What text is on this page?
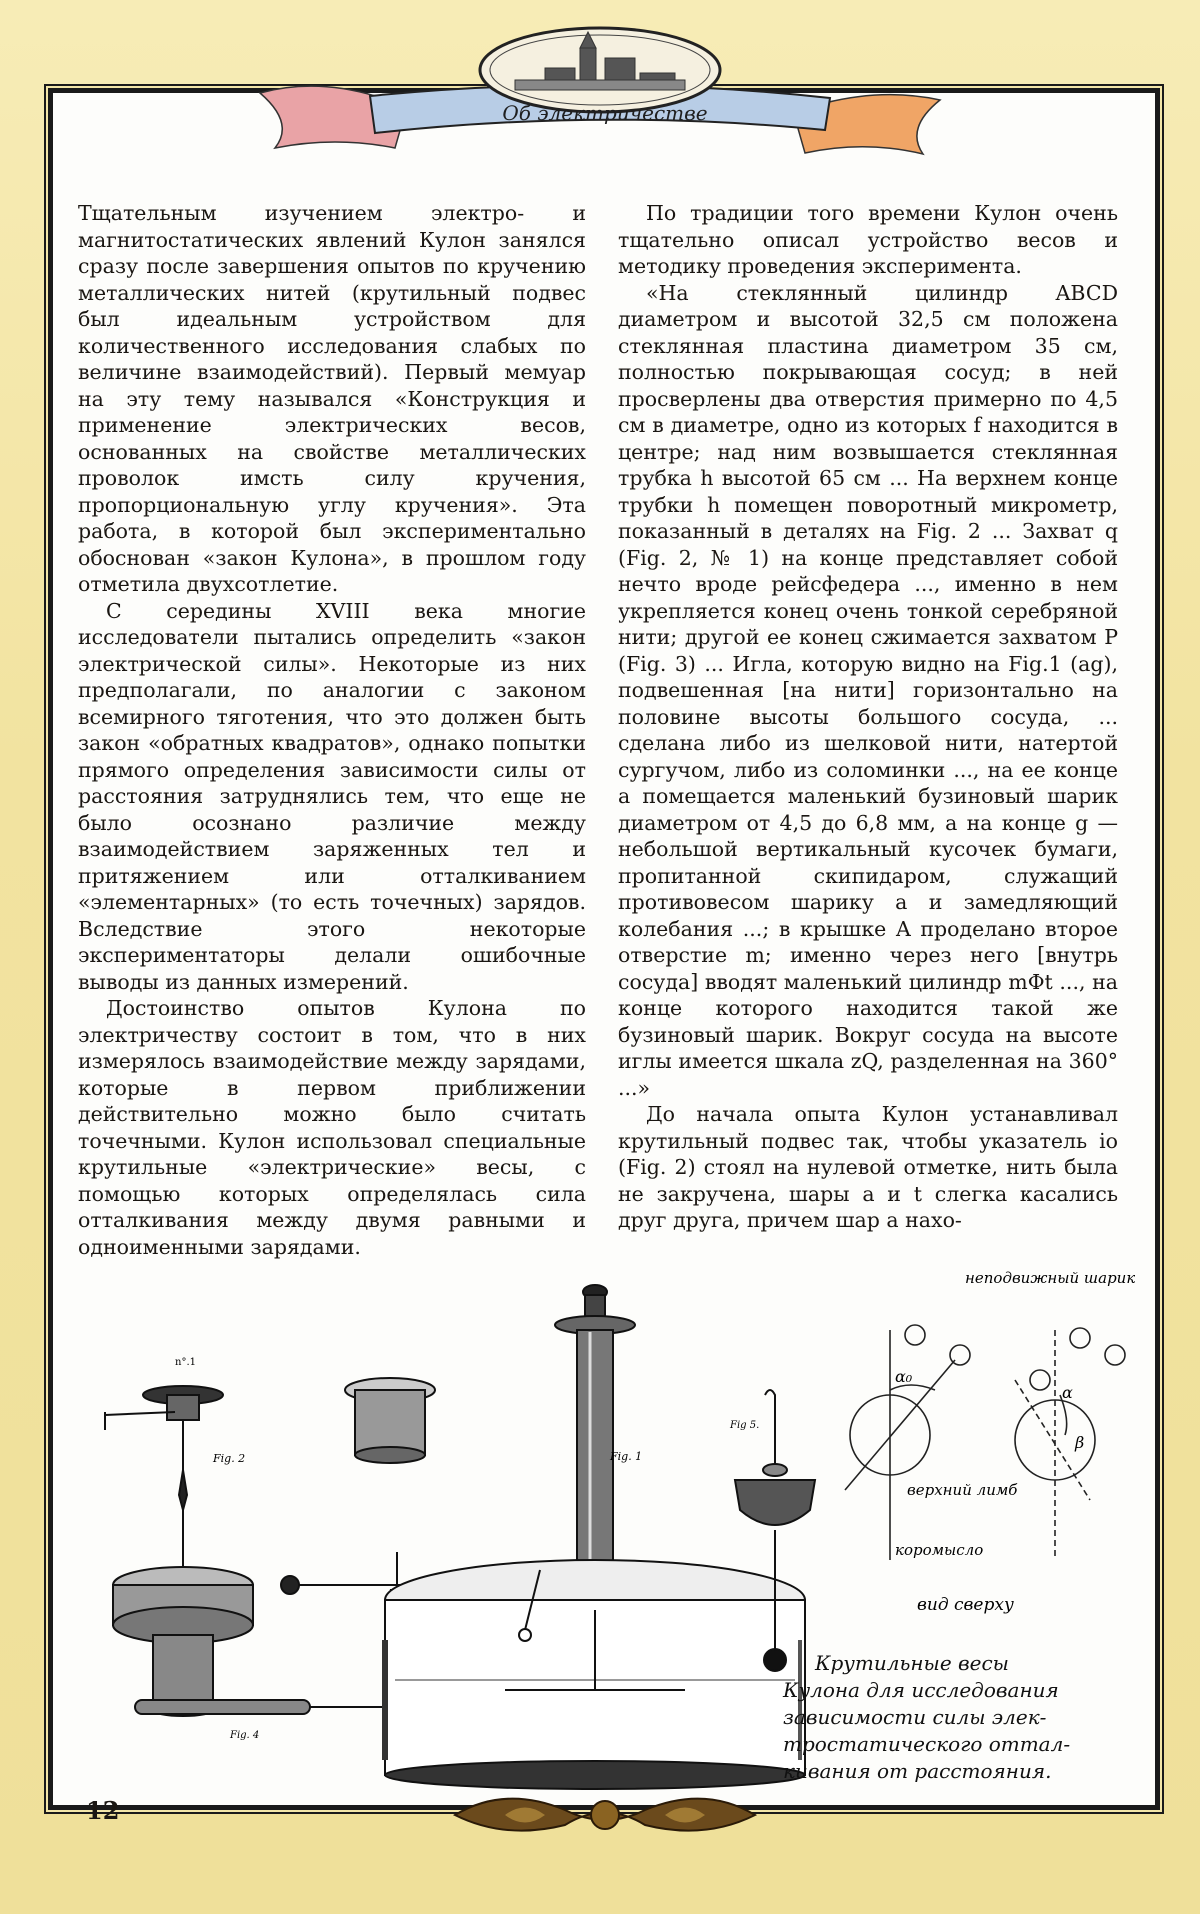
Об электричестве

Тщательным изучением электро- и магнитостатических явлений Кулон занялся сразу после завершения опытов по кручению металлических нитей (крутильный подвес был идеальным устройством для количественного исследования слабых по величине взаимодействий). Первый мемуар на эту тему назывался «Конструкция и применение электрических весов, основанных на свойстве металлических проволок имсть силу кручения, пропорциональную углу кручения». Эта работа, в которой был экспериментально обоснован «закон Кулона», в прошлом году отметила двухсотлетие.

С середины XVIII века многие исследователи пытались определить «закон электрической силы». Некоторые из них предполагали, по аналогии с законом всемирного тяготения, что это должен быть закон «обратных квадратов», однако попытки прямого определения зависимости силы от расстояния затруднялись тем, что еще не было осознано различие между взаимодействием заряженных тел и притяжением или отталкиванием «элементарных» (то есть точечных) зарядов. Вследствие этого некоторые экспериментаторы делали ошибочные выводы из данных измерений.

Достоинство опытов Кулона по электричеству состоит в том, что в них измерялось взаимодействие между зарядами, которые в первом приближении действительно можно было считать точечными. Кулон использовал специальные крутильные «электрические» весы, с помощью которых определялась сила отталкивания между двумя равными и одноименными зарядами.

По традиции того времени Кулон очень тщательно описал устройство весов и методику проведения эксперимента.

«На стеклянный цилиндр ABCD диаметром и высотой 32,5 см положена стеклянная пластина диаметром 35 см, полностью покрывающая сосуд; в ней просверлены два отверстия примерно по 4,5 см в диаметре, одно из которых f находится в центре; над ним возвышается стеклянная трубка h высотой 65 см ... На верхнем конце трубки h помещен поворотный микрометр, показанный в деталях на Fig. 2 ... Захват q (Fig. 2, № 1) на конце представляет собой нечто вроде рейсфедера ..., именно в нем укрепляется конец очень тонкой серебряной нити; другой ее конец сжимается захватом P (Fig. 3) ... Игла, которую видно на Fig.1 (ag), подвешенная [на нити] горизонтально на половине высоты большого сосуда, ... сделана либо из шелковой нити, натертой сургучом, либо из соломинки ..., на ее конце a помещается маленький бузиновый шарик диаметром от 4,5 до 6,8 мм, а на конце g — небольшой вертикальный кусочек бумаги, пропитанной скипидаром, служащий противовесом шарику a и замедляющий колебания ...; в крышке A проделано второе отверстие m; именно через него [внутрь сосуда] вводят маленький цилиндр mΦt ..., на конце которого находится такой же бузиновый шарик. Вокруг сосуда на высоте иглы имеется шкала zQ, разделенная на 360° ...»

До начала опыта Кулон устанавливал крутильный подвес так, чтобы указатель io (Fig. 2) стоял на нулевой отметке, нить была не закручена, шары a и t слегка касались друг друга, причем шар a нахо-

n°.1
Fig. 2
Fig. 4
Fig. 1
Fig 5.
неподвижный шарик
α₀
α
β
верхний лимб
коромысло
вид сверху
Крутильные весы
Кулона для исследования
зависимости силы элек-
тростатического оттал-
кивания от расстояния.
12
